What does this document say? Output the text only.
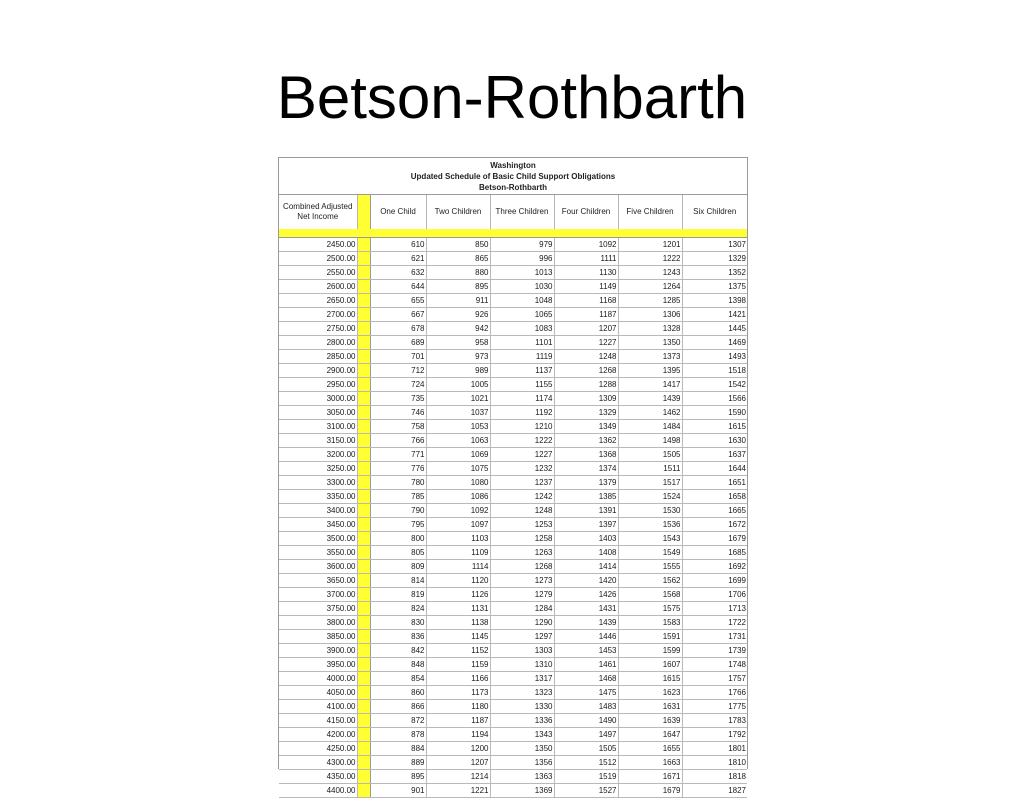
Betson-Rothbarth
Washington
Updated Schedule of Basic Child Support Obligations
Betson-Rothbarth
Combined Adjusted Net Income		One Child	Two Children	Three Children	Four Children	Five Children	Six Children

2450.00		610	850	979	1092	1201	1307
2500.00		621	865	996	1111	1222	1329
2550.00		632	880	1013	1130	1243	1352
2600.00		644	895	1030	1149	1264	1375
2650.00		655	911	1048	1168	1285	1398
2700.00		667	926	1065	1187	1306	1421
2750.00		678	942	1083	1207	1328	1445
2800.00		689	958	1101	1227	1350	1469
2850.00		701	973	1119	1248	1373	1493
2900.00		712	989	1137	1268	1395	1518
2950.00		724	1005	1155	1288	1417	1542
3000.00		735	1021	1174	1309	1439	1566
3050.00		746	1037	1192	1329	1462	1590
3100.00		758	1053	1210	1349	1484	1615
3150.00		766	1063	1222	1362	1498	1630
3200.00		771	1069	1227	1368	1505	1637
3250.00		776	1075	1232	1374	1511	1644
3300.00		780	1080	1237	1379	1517	1651
3350.00		785	1086	1242	1385	1524	1658
3400.00		790	1092	1248	1391	1530	1665
3450.00		795	1097	1253	1397	1536	1672
3500.00		800	1103	1258	1403	1543	1679
3550.00		805	1109	1263	1408	1549	1685
3600.00		809	1114	1268	1414	1555	1692
3650.00		814	1120	1273	1420	1562	1699
3700.00		819	1126	1279	1426	1568	1706
3750.00		824	1131	1284	1431	1575	1713
3800.00		830	1138	1290	1439	1583	1722
3850.00		836	1145	1297	1446	1591	1731
3900.00		842	1152	1303	1453	1599	1739
3950.00		848	1159	1310	1461	1607	1748
4000.00		854	1166	1317	1468	1615	1757
4050.00		860	1173	1323	1475	1623	1766
4100.00		866	1180	1330	1483	1631	1775
4150.00		872	1187	1336	1490	1639	1783
4200.00		878	1194	1343	1497	1647	1792
4250.00		884	1200	1350	1505	1655	1801
4300.00		889	1207	1356	1512	1663	1810
4350.00		895	1214	1363	1519	1671	1818
4400.00		901	1221	1369	1527	1679	1827
